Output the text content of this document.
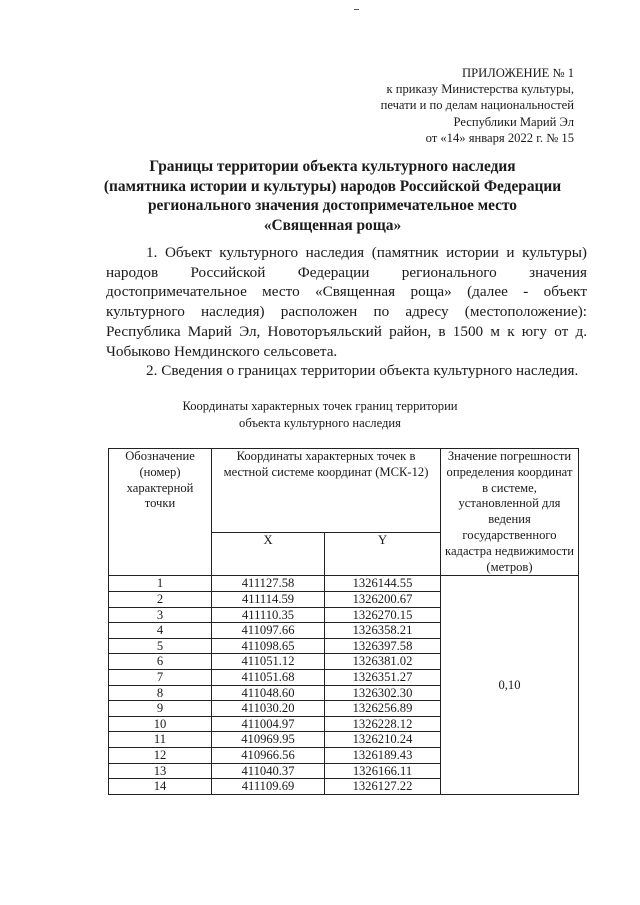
ПРИЛОЖЕНИЕ № 1
к приказу Министерства культуры,
печати и по делам национальностей
Республики Марий Эл
от «14» января 2022 г. № 15
Границы территории объекта культурного наследия
(памятника истории и культуры) народов Российской Федерации
регионального значения достопримечательное место
«Священная роща»

1. Объект культурного наследия (памятник истории и культуры) народов Российской Федерации регионального значения достопримечательное место «Священная роща» (далее - объект культурного наследия) расположен по адресу (местоположение): Республика Марий Эл, Новоторъяльский район, в 1500 м к югу от д. Чобыково Немдинского сельсовета.

2. Сведения о границах территории объекта культурного наследия.

Координаты характерных точек границ территории
объекта культурного наследия
Обозначение (номер) характерной точки	Координаты характерных точек в местной системе координат (МСК-12)		Значение погрешности определения координат в системе, установленной для ведения государственного кадастра недвижимости (метров)
	X	Y	
1	411127.58	1326144.55	0,10
2	411114.59	1326200.67	
3	411110.35	1326270.15	
4	411097.66	1326358.21	
5	411098.65	1326397.58	
6	411051.12	1326381.02	
7	411051.68	1326351.27	
8	411048.60	1326302.30	
9	411030.20	1326256.89	
10	411004.97	1326228.12	
11	410969.95	1326210.24	
12	410966.56	1326189.43	
13	411040.37	1326166.11	
14	411109.69	1326127.22	
